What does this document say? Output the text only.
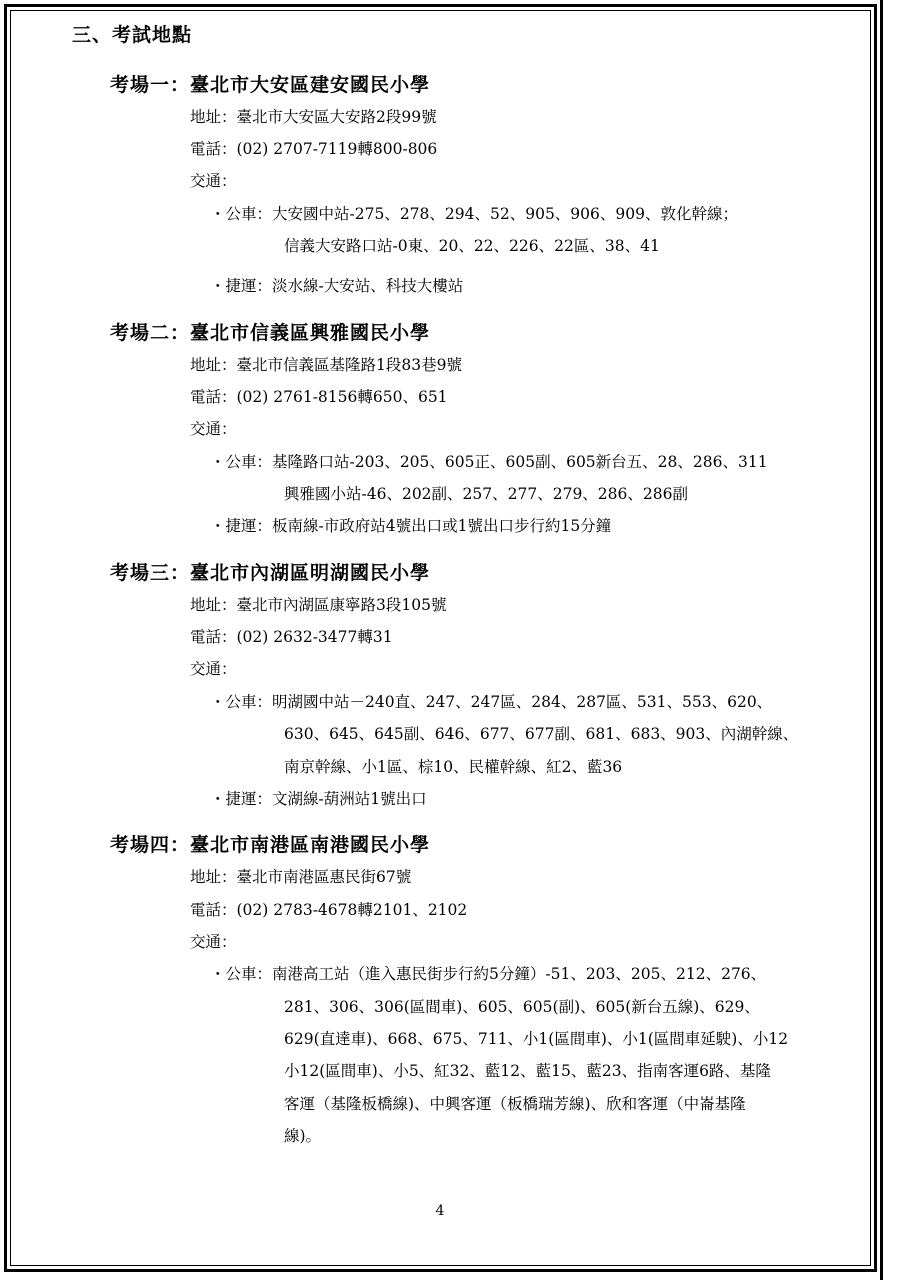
三、考試地點
考場一：臺北市大安區建安國民小學
地址：臺北市大安區大安路2段99號
電話：(02) 2707-7119轉800-806
交通：
・公車：大安國中站-275、278、294、52、905、906、909、敦化幹線；
信義大安路口站-0東、20、22、226、22區、38、41
・捷運：淡水線-大安站、科技大樓站
考場二：臺北市信義區興雅國民小學
地址：臺北市信義區基隆路1段83巷9號
電話：(02) 2761-8156轉650、651
交通：
・公車：基隆路口站-203、205、605正、605副、605新台五、28、286、311
興雅國小站-46、202副、257、277、279、286、286副
・捷運：板南線-市政府站4號出口或1號出口步行約15分鐘
考場三：臺北市內湖區明湖國民小學
地址：臺北市內湖區康寧路3段105號
電話：(02) 2632-3477轉31
交通：
・公車：明湖國中站－240直、247、247區、284、287區、531、553、620、
630、645、645副、646、677、677副、681、683、903、內湖幹線、
南京幹線、小1區、棕10、民權幹線、紅2、藍36
・捷運：文湖線-葫洲站1號出口
考場四：臺北市南港區南港國民小學
地址：臺北市南港區惠民街67號
電話：(02) 2783-4678轉2101、2102
交通：
・公車：南港高工站（進入惠民街步行約5分鐘）-51、203、205、212、276、
281、306、306(區間車)、605、605(副)、605(新台五線)、629、
629(直達車)、668、675、711、小1(區間車)、小1(區間車延駛)、小12
小12(區間車)、小5、紅32、藍12、藍15、藍23、指南客運6路、基隆
客運（基隆板橋線)、中興客運（板橋瑞芳線)、欣和客運（中崙基隆
線)。
4
